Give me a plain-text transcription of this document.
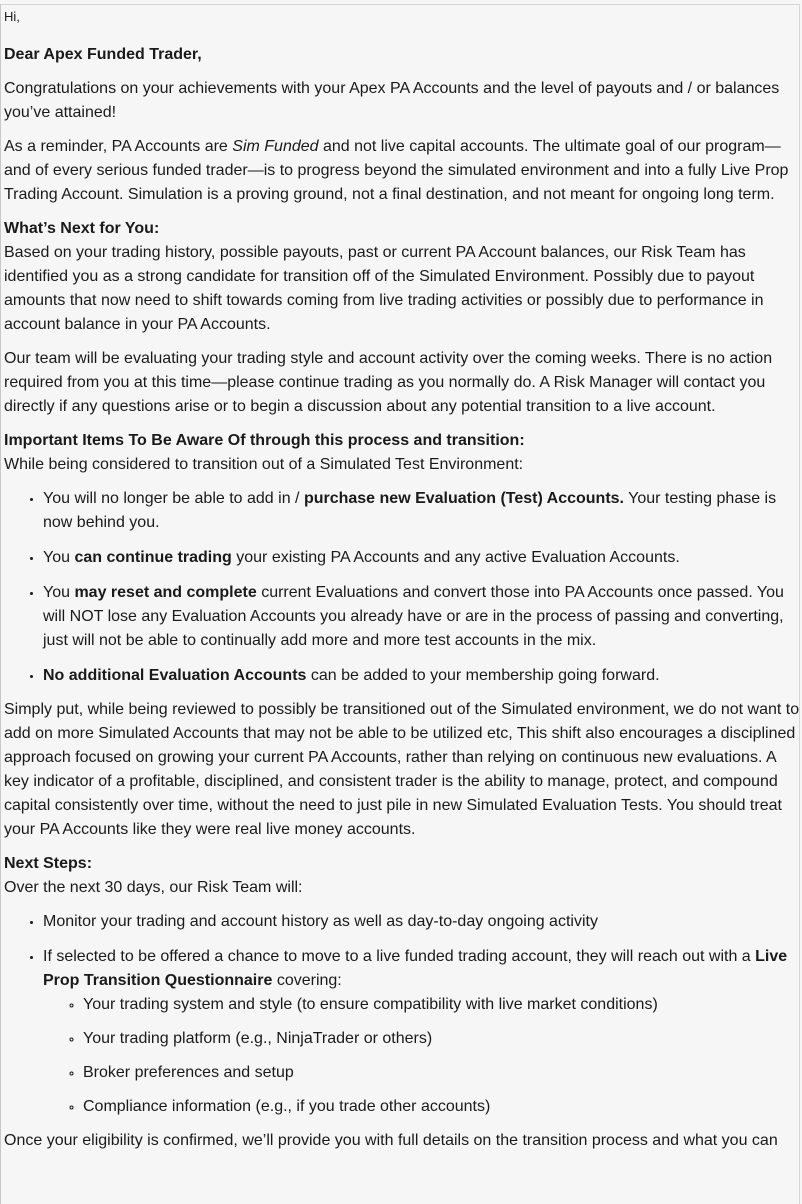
Hi,

Dear Apex Funded Trader,

Congratulations on your achievements with your Apex PA Accounts and the level of payouts and / or balances you’ve attained!

As a reminder, PA Accounts are Sim Funded and not live capital accounts. The ultimate goal of our program—and of every serious funded trader—is to progress beyond the simulated environment and into a fully Live Prop Trading Account. Simulation is a proving ground, not a final destination, and not meant for ongoing long term.

What’s Next for You:
Based on your trading history, possible payouts, past or current PA Account balances, our Risk Team has identified you as a strong candidate for transition off of the Simulated Environment. Possibly due to payout amounts that now need to shift towards coming from live trading activities or possibly due to performance in account balance in your PA Accounts.

Our team will be evaluating your trading style and account activity over the coming weeks. There is no action required from you at this time—please continue trading as you normally do. A Risk Manager will contact you directly if any questions arise or to begin a discussion about any potential transition to a live account.

Important Items To Be Aware Of through this process and transition:
While being considered to transition out of a Simulated Test Environment:
• You will no longer be able to add in / purchase new Evaluation (Test) Accounts. Your testing phase is now behind you.
• You can continue trading your existing PA Accounts and any active Evaluation Accounts.
• You may reset and complete current Evaluations and convert those into PA Accounts once passed. You will NOT lose any Evaluation Accounts you already have or are in the process of passing and converting, just will not be able to continually add more and more test accounts in the mix.
• No additional Evaluation Accounts can be added to your membership going forward.

Simply put, while being reviewed to possibly be transitioned out of the Simulated environment, we do not want to add on more Simulated Accounts that may not be able to be utilized etc, This shift also encourages a disciplined approach focused on growing your current PA Accounts, rather than relying on continuous new evaluations. A key indicator of a profitable, disciplined, and consistent trader is the ability to manage, protect, and compound capital consistently over time, without the need to just pile in new Simulated Evaluation Tests. You should treat your PA Accounts like they were real live money accounts.

Next Steps:
Over the next 30 days, our Risk Team will:
• Monitor your trading and account history as well as day-to-day ongoing activity
• If selected to be offered a chance to move to a live funded trading account, they will reach out with a Live Prop Transition Questionnaire covering:
◦ Your trading system and style (to ensure compatibility with live market conditions)
◦ Your trading platform (e.g., NinjaTrader or others)
◦ Broker preferences and setup
◦ Compliance information (e.g., if you trade other accounts)

Once your eligibility is confirmed, we’ll provide you with full details on the transition process and what you can
